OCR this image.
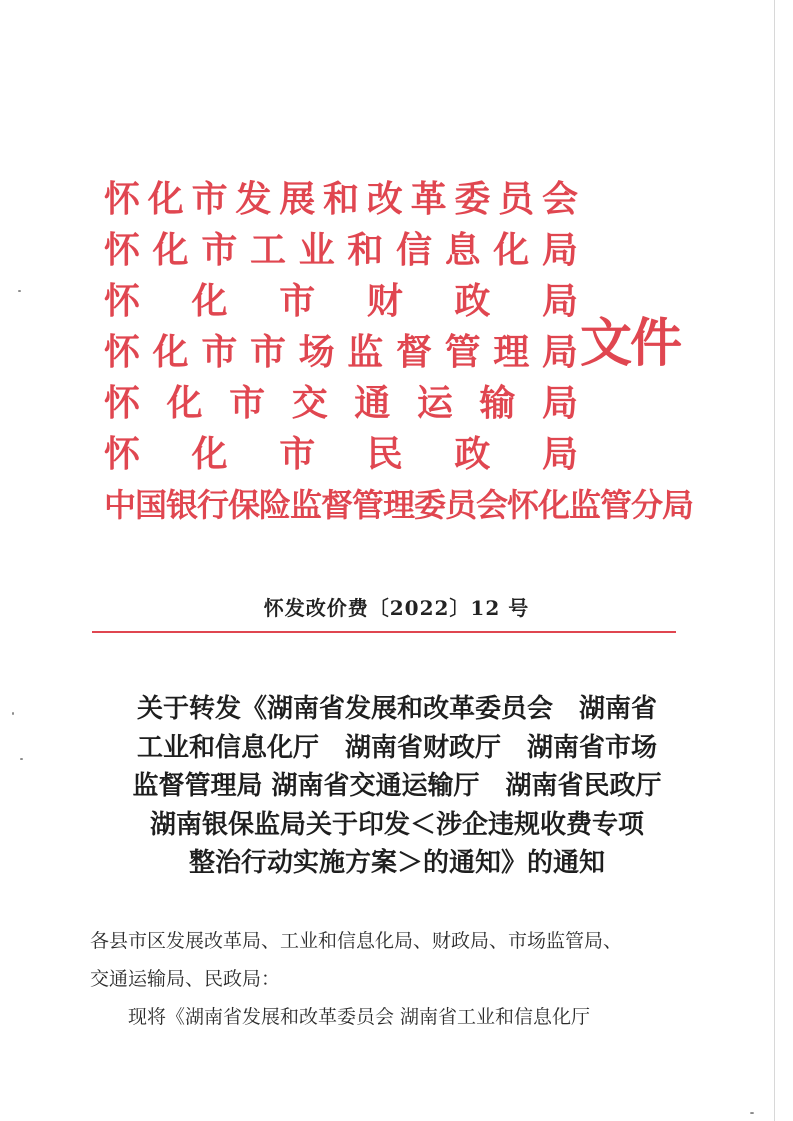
怀 化 市 发 展 和 改 革 委 员 会
怀 化 市 工 业 和 信 息 化 局
怀 化 市 财 政 局
怀 化 市 市 场 监 督 管 理 局
怀 化 市 交 通 运 输 局
怀 化 市 民 政 局
中国银行保险监督管理委员会怀化监管分局
文件
怀发改价费〔2022〕12 号
关于转发《湖南省发展和改革委员会　湖南省
工业和信息化厅　湖南省财政厅　湖南省市场
监督管理局 湖南省交通运输厅　湖南省民政厅
湖南银保监局关于印发＜涉企违规收费专项
整治行动实施方案＞的通知》的通知
各县市区发展改革局、工业和信息化局、财政局、市场监管局、
交通运输局、民政局：
现将《湖南省发展和改革委员会 湖南省工业和信息化厅
